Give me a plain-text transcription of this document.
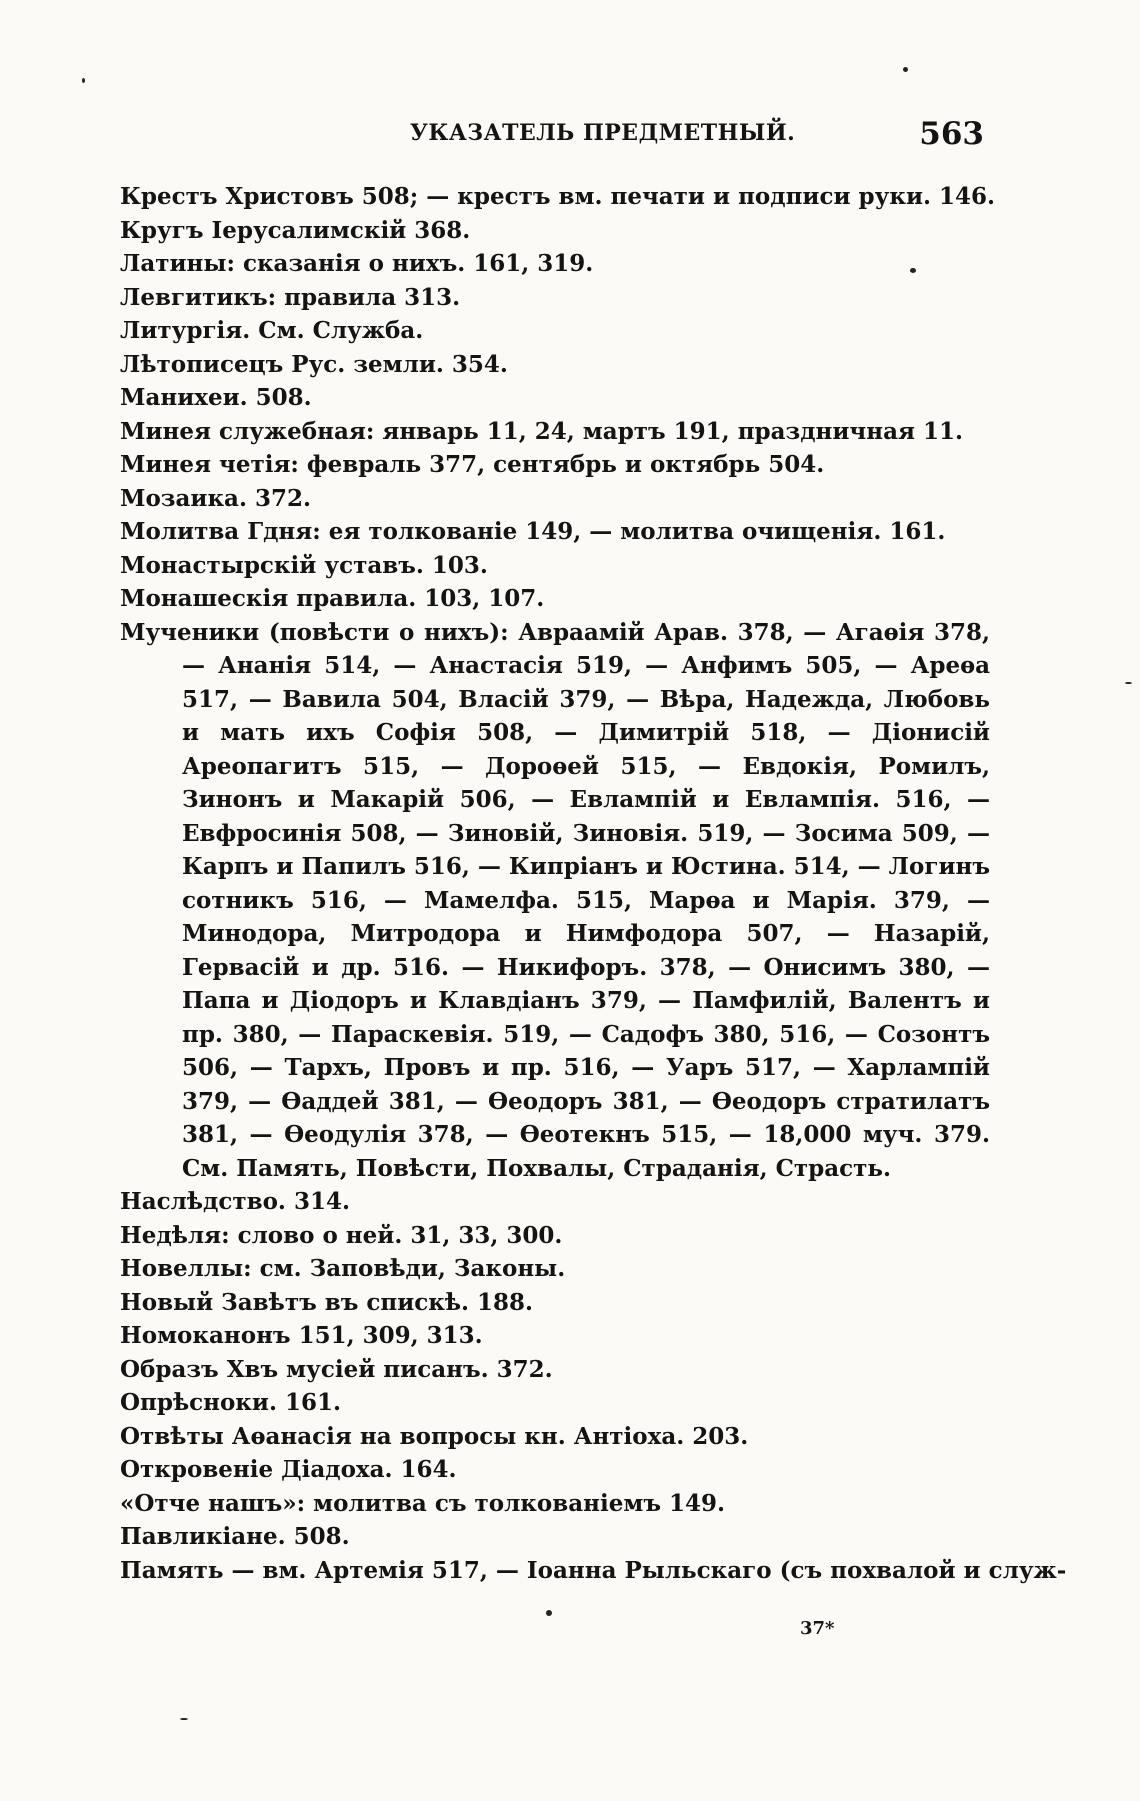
УКАЗАТЕЛЬ ПРЕДМЕТНЫЙ.	563
Крестъ Христовъ 508; — крестъ вм. печати и подписи руки. 146.
Кругъ Іерусалимскій 368.
Латины: сказанія о нихъ. 161, 319.
Левгитикъ: правила 313.
Литургія. См. Служба.
Лѣтописецъ Рус. земли. 354.
Манихеи. 508.
Минея служебная: январь 11, 24, мартъ 191, праздничная 11.
Минея четія: февраль 377, сентябрь и октябрь 504.
Мозаика. 372.
Молитва Гдня: ея толкованіе 149, — молитва очищенія. 161.
Монастырскій уставъ. 103.
Монашескія правила. 103, 107.
Мученики (повѣсти о нихъ): Авраамій Арав. 378, — Агаѳія 378, — Ананія 514, — Анастасія 519, — Анфимъ 505, — Ареѳа 517, — Вавила 504, Власій 379, — Вѣра, Надежда, Любовь и мать ихъ Софія 508, — Димитрій 518, — Діонисій Ареопагитъ 515, — Дороѳей 515, — Евдокія, Ромилъ, Зинонъ и Макарій 506, — Евлампій и Евлампія. 516, — Евфросинія 508, — Зиновій, Зиновія. 519, — Зосима 509, — Карпъ и Папилъ 516, — Кипріанъ и Юстина. 514, — Логинъ сотникъ 516, — Мамелфа. 515, Марѳа и Марія. 379, — Минодора, Митродора и Нимфодора 507, — Назарій, Гервасій и др. 516. — Никифоръ. 378, — Онисимъ 380, — Папа и Діодоръ и Клавдіанъ 379, — Памфилій, Валентъ и пр. 380, — Параскевія. 519, — Садофъ 380, 516, — Созонтъ 506, — Тархъ, Провъ и пр. 516, — Уаръ 517, — Харлампій 379, — Ѳаддей 381, — Ѳеодоръ 381, — Ѳеодоръ стратилатъ 381, — Ѳеодулія 378, — Ѳеотекнъ 515, — 18,000 муч. 379. См. Память, Повѣсти, Похвалы, Страданія, Страсть.
Наслѣдство. 314.
Недѣля: слово о ней. 31, 33, 300.
Новеллы: см. Заповѣди, Законы.
Новый Завѣтъ въ спискѣ. 188.
Номоканонъ 151, 309, 313.
Образъ Хвъ мусіей писанъ. 372.
Опрѣсноки. 161.
Отвѣты Аѳанасія на вопросы кн. Антіоха. 203.
Откровеніе Діадоха. 164.
«Отче нашъ»: молитва съ толкованіемъ 149.
Павликіане. 508.
Память — вм. Артемія 517, — Іоанна Рыльскаго (съ похвалой и служ-
37*
